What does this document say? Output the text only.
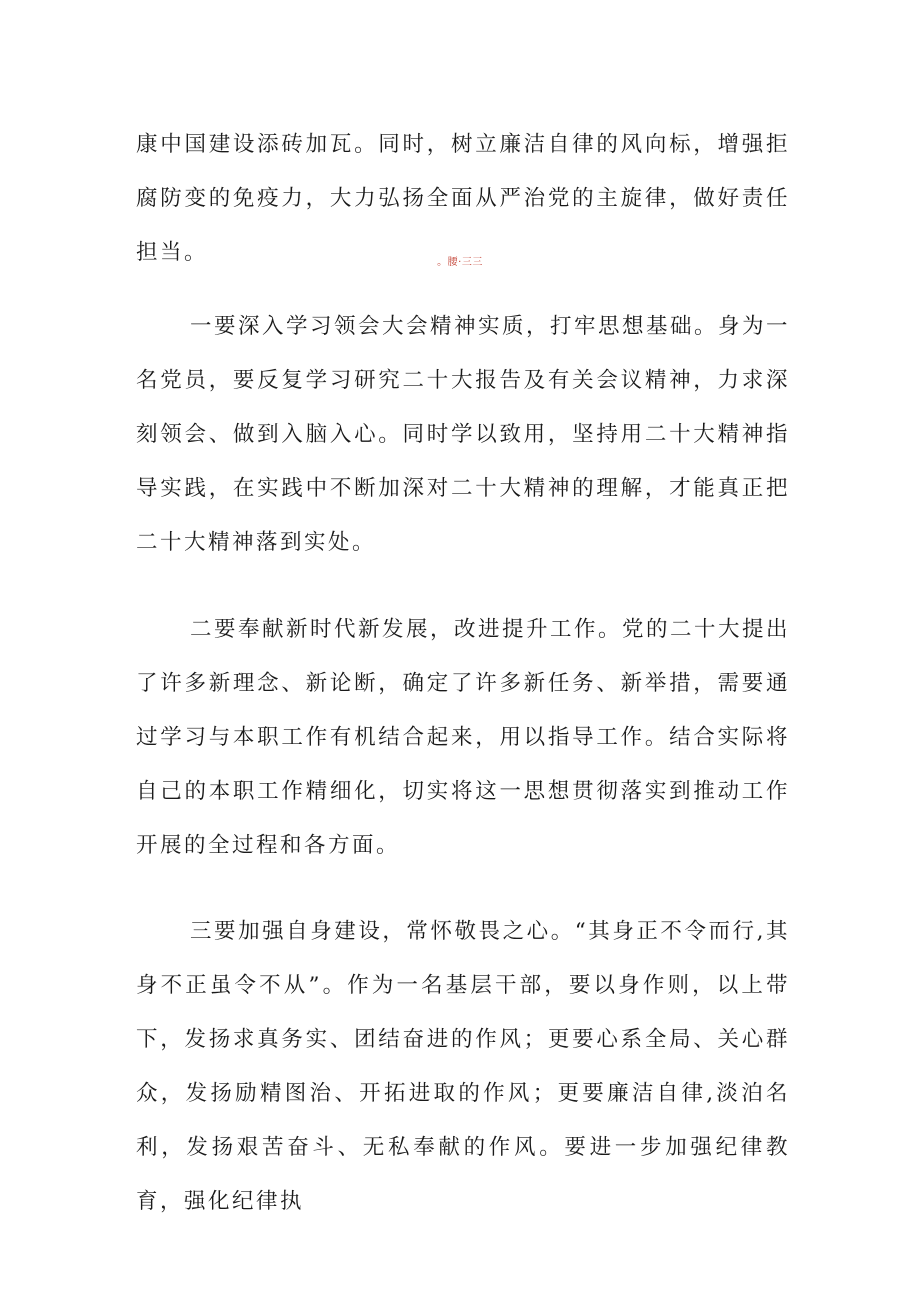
康中国建设添砖加瓦。同时，树立廉洁自律的风向标，增强拒腐防变的免疫力，大力弘扬全面从严治党的主旋律，做好责任担当。	。腰·三三

一要深入学习领会大会精神实质，打牢思想基础。身为一名党员，要反复学习研究二十大报告及有关会议精神，力求深刻领会、做到入脑入心。同时学以致用，坚持用二十大精神指导实践，在实践中不断加深对二十大精神的理解，才能真正把二十大精神落到实处。

二要奉献新时代新发展，改进提升工作。党的二十大提出了许多新理念、新论断，确定了许多新任务、新举措，需要通过学习与本职工作有机结合起来，用以指导工作。结合实际将自己的本职工作精细化，切实将这一思想贯彻落实到推动工作开展的全过程和各方面。

三要加强自身建设，常怀敬畏之心。“其身正不令而行,其身不正虽令不从”。作为一名基层干部，要以身作则，以上带下，发扬求真务实、团结奋进的作风；更要心系全局、关心群众，发扬励精图治、开拓进取的作风；更要廉洁自律,淡泊名利，发扬艰苦奋斗、无私奉献的作风。要进一步加强纪律教育，强化纪律执
